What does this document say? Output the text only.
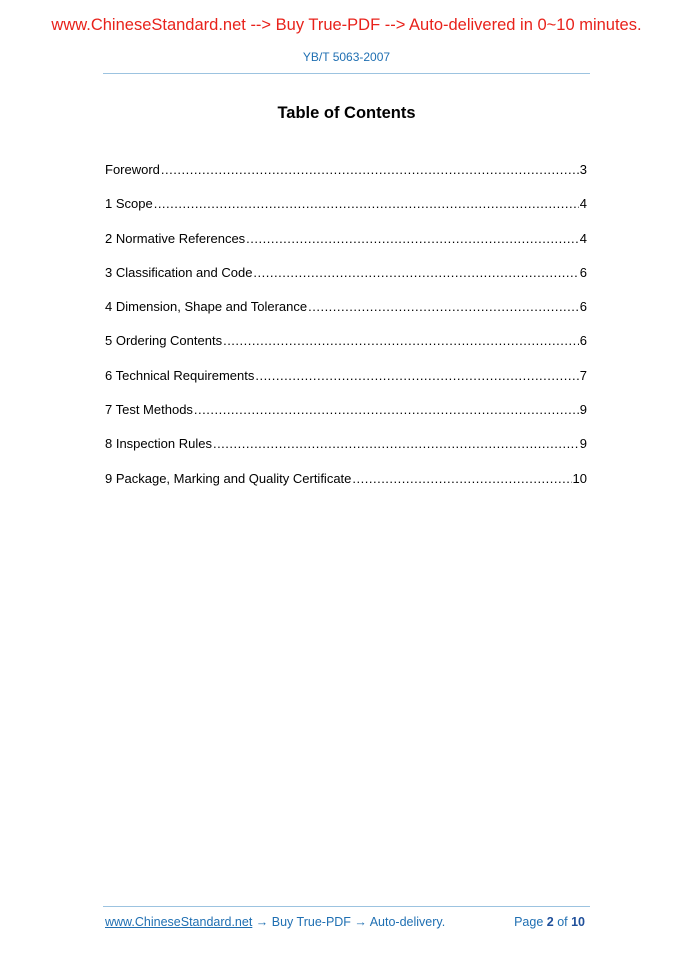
www.ChineseStandard.net --> Buy True-PDF --> Auto-delivered in 0~10 minutes.
YB/T 5063-2007
Table of Contents
Foreword .....	3
1 Scope .....	4
2 Normative References .....	4
3 Classification and Code .....	6
4 Dimension, Shape and Tolerance .....	6
5 Ordering Contents .....	6
6 Technical Requirements .....	7
7 Test Methods .....	9
8 Inspection Rules .....	9
9 Package, Marking and Quality Certificate .....	10
www.ChineseStandard.net → Buy True-PDF → Auto-delivery.	Page 2 of 10
